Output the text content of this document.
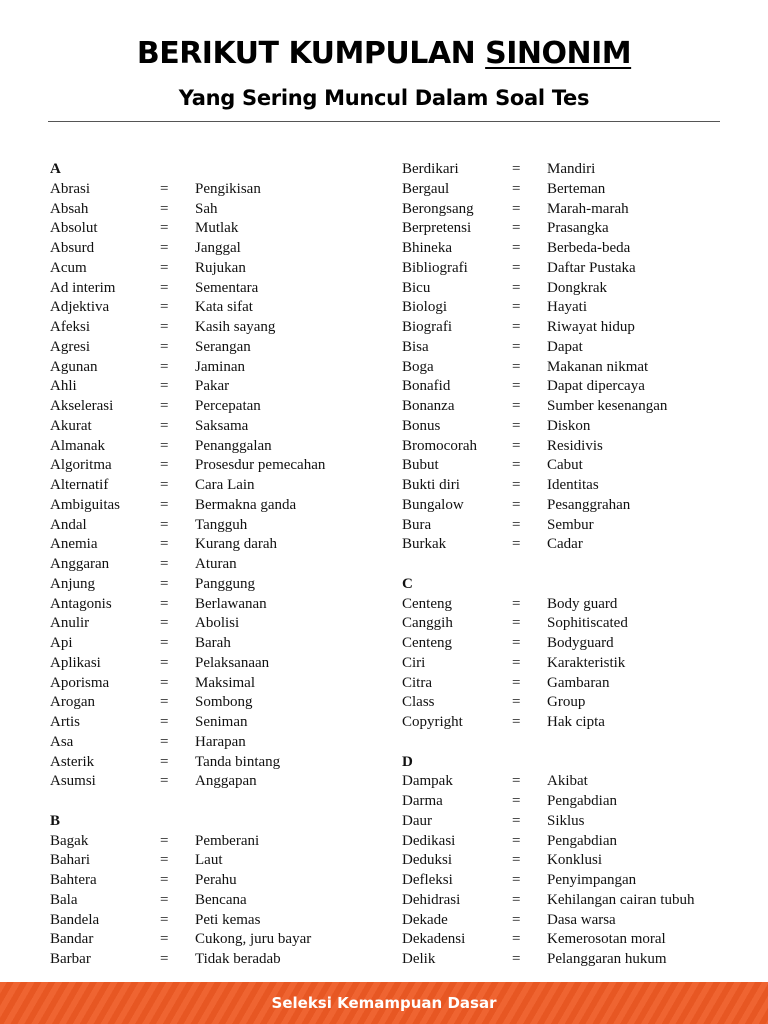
BERIKUT KUMPULAN SINONIM
Yang Sering Muncul Dalam Soal Tes
A
Abrasi	= Pengikisan
Absah	= Sah
Absolut	= Mutlak
Absurd	= Janggal
Acum	= Rujukan
Ad interim	= Sementara
Adjektiva	= Kata sifat
Afeksi	= Kasih sayang
Agresi	= Serangan
Agunan	= Jaminan
Ahli	= Pakar
Akselerasi	= Percepatan
Akurat	= Saksama
Almanak	= Penanggalan
Algoritma	= Prosesdur pemecahan
Alternatif	= Cara Lain
Ambiguitas	= Bermakna ganda
Andal	= Tangguh
Anemia	= Kurang darah
Anggaran	= Aturan
Anjung	= Panggung
Antagonis	= Berlawanan
Anulir	= Abolisi
Api	= Barah
Aplikasi	= Pelaksanaan
Aporisma	= Maksimal
Arogan	= Sombong
Artis	= Seniman
Asa	= Harapan
Asterik	= Tanda bintang
Asumsi	= Anggapan
B
Bagak	= Pemberani
Bahari	= Laut
Bahtera	= Perahu
Bala	= Bencana
Bandela	= Peti kemas
Bandar	= Cukong, juru bayar
Barbar	= Tidak beradab
Berdikari	= Mandiri
Bergaul	= Berteman
Berongsang	= Marah-marah
Berpretensi	= Prasangka
Bhineka	= Berbeda-beda
Bibliografi	= Daftar Pustaka
Bicu	= Dongkrak
Biologi	= Hayati
Biografi	= Riwayat hidup
Bisa	= Dapat
Boga	= Makanan nikmat
Bonafid	= Dapat dipercaya
Bonanza	= Sumber kesenangan
Bonus	= Diskon
Bromocorah = Residivis
Bubut	= Cabut
Bukti diri	= Identitas
Bungalow	= Pesanggrahan
Bura	= Sembur
Burkak	= Cadar
C
Centeng	= Body guard
Canggih	= Sophitiscated
Centeng	= Bodyguard
Ciri	= Karakteristik
Citra	= Gambaran
Class	= Group
Copyright	= Hak cipta
D
Dampak	= Akibat
Darma	= Pengabdian
Daur	= Siklus
Dedikasi	= Pengabdian
Deduksi	= Konklusi
Defleksi	= Penyimpangan
Dehidrasi	= Kehilangan cairan tubuh
Dekade	= Dasa warsa
Dekadensi	= Kemerosotan moral
Delik	= Pelanggaran hukum
Seleksi Kemampuan Dasar
